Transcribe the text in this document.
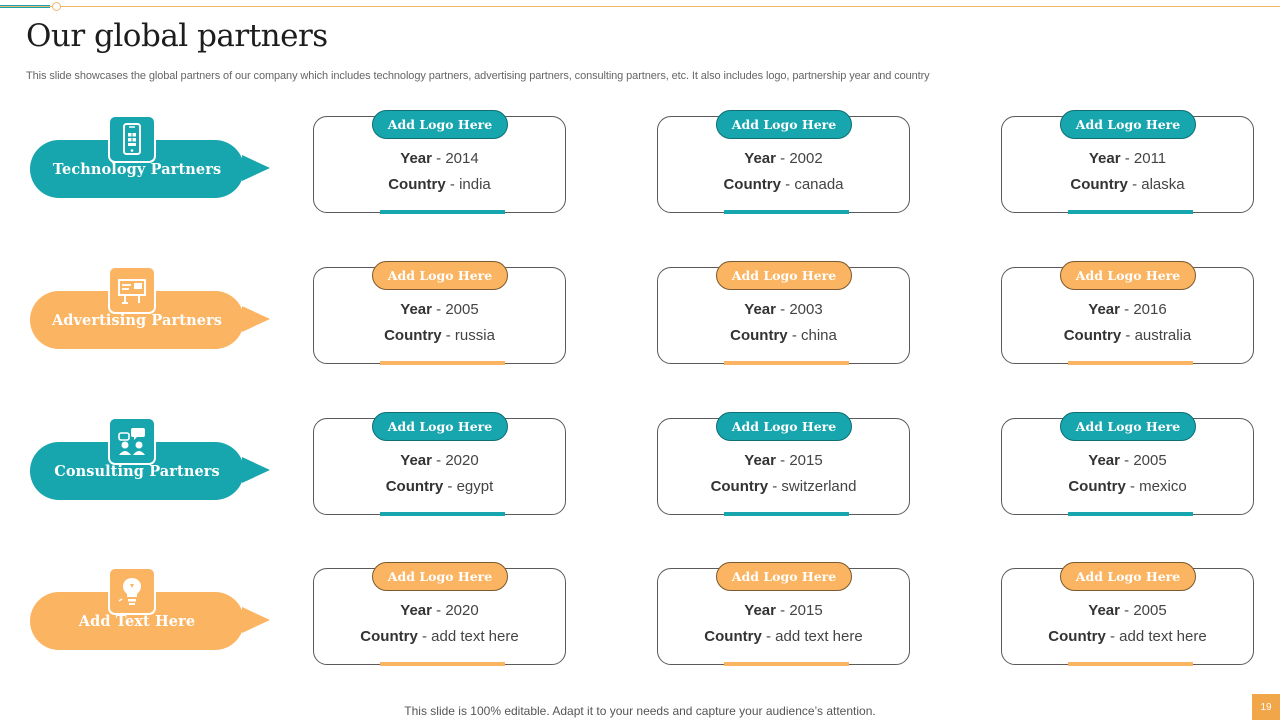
Our global partners

This slide showcases the global partners of our company which includes technology partners, advertising partners, consulting partners, etc. It also includes logo, partnership year and country

Technology Partners
Add Logo Here
Year - 2014
Country - india
Add Logo Here
Year - 2002
Country - canada
Add Logo Here
Year - 2011
Country - alaska
Advertising Partners
Add Logo Here
Year - 2005
Country - russia
Add Logo Here
Year - 2003
Country - china
Add Logo Here
Year - 2016
Country - australia
Consulting Partners
Add Logo Here
Year - 2020
Country - egypt
Add Logo Here
Year - 2015
Country - switzerland
Add Logo Here
Year - 2005
Country - mexico
Add Text Here
Add Logo Here
Year - 2020
Country - add text here
Add Logo Here
Year - 2015
Country - add text here
Add Logo Here
Year - 2005
Country - add text here
This slide is 100% editable. Adapt it to your needs and capture your audience’s attention.	19
